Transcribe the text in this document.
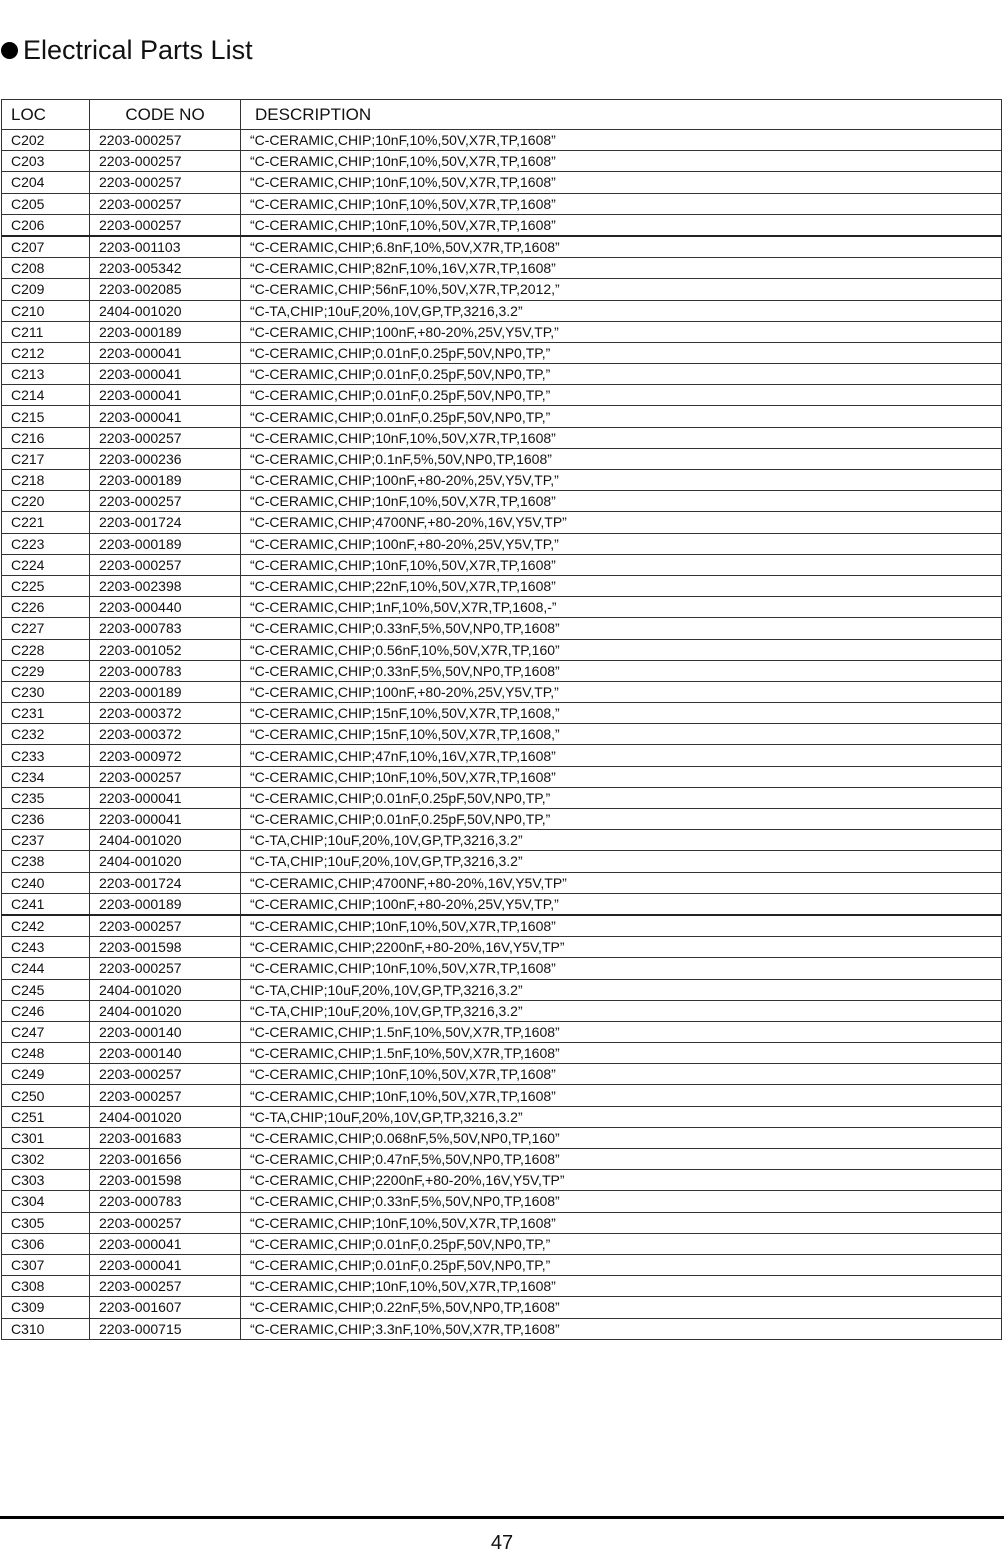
Electrical Parts List
LOC	CODE NO	DESCRIPTION
C202	2203-000257	“C-CERAMIC,CHIP;10nF,10%,50V,X7R,TP,1608”
C203	2203-000257	“C-CERAMIC,CHIP;10nF,10%,50V,X7R,TP,1608”
C204	2203-000257	“C-CERAMIC,CHIP;10nF,10%,50V,X7R,TP,1608”
C205	2203-000257	“C-CERAMIC,CHIP;10nF,10%,50V,X7R,TP,1608”
C206	2203-000257	“C-CERAMIC,CHIP;10nF,10%,50V,X7R,TP,1608”
C207	2203-001103	“C-CERAMIC,CHIP;6.8nF,10%,50V,X7R,TP,1608”
C208	2203-005342	“C-CERAMIC,CHIP;82nF,10%,16V,X7R,TP,1608”
C209	2203-002085	“C-CERAMIC,CHIP;56nF,10%,50V,X7R,TP,2012,”
C210	2404-001020	“C-TA,CHIP;10uF,20%,10V,GP,TP,3216,3.2”
C211	2203-000189	“C-CERAMIC,CHIP;100nF,+80-20%,25V,Y5V,TP,”
C212	2203-000041	“C-CERAMIC,CHIP;0.01nF,0.25pF,50V,NP0,TP,”
C213	2203-000041	“C-CERAMIC,CHIP;0.01nF,0.25pF,50V,NP0,TP,”
C214	2203-000041	“C-CERAMIC,CHIP;0.01nF,0.25pF,50V,NP0,TP,”
C215	2203-000041	“C-CERAMIC,CHIP;0.01nF,0.25pF,50V,NP0,TP,”
C216	2203-000257	“C-CERAMIC,CHIP;10nF,10%,50V,X7R,TP,1608”
C217	2203-000236	“C-CERAMIC,CHIP;0.1nF,5%,50V,NP0,TP,1608”
C218	2203-000189	“C-CERAMIC,CHIP;100nF,+80-20%,25V,Y5V,TP,”
C220	2203-000257	“C-CERAMIC,CHIP;10nF,10%,50V,X7R,TP,1608”
C221	2203-001724	“C-CERAMIC,CHIP;4700NF,+80-20%,16V,Y5V,TP”
C223	2203-000189	“C-CERAMIC,CHIP;100nF,+80-20%,25V,Y5V,TP,”
C224	2203-000257	“C-CERAMIC,CHIP;10nF,10%,50V,X7R,TP,1608”
C225	2203-002398	“C-CERAMIC,CHIP;22nF,10%,50V,X7R,TP,1608”
C226	2203-000440	“C-CERAMIC,CHIP;1nF,10%,50V,X7R,TP,1608,-”
C227	2203-000783	“C-CERAMIC,CHIP;0.33nF,5%,50V,NP0,TP,1608”
C228	2203-001052	“C-CERAMIC,CHIP;0.56nF,10%,50V,X7R,TP,160”
C229	2203-000783	“C-CERAMIC,CHIP;0.33nF,5%,50V,NP0,TP,1608”
C230	2203-000189	“C-CERAMIC,CHIP;100nF,+80-20%,25V,Y5V,TP,”
C231	2203-000372	“C-CERAMIC,CHIP;15nF,10%,50V,X7R,TP,1608,”
C232	2203-000372	“C-CERAMIC,CHIP;15nF,10%,50V,X7R,TP,1608,”
C233	2203-000972	“C-CERAMIC,CHIP;47nF,10%,16V,X7R,TP,1608”
C234	2203-000257	“C-CERAMIC,CHIP;10nF,10%,50V,X7R,TP,1608”
C235	2203-000041	“C-CERAMIC,CHIP;0.01nF,0.25pF,50V,NP0,TP,”
C236	2203-000041	“C-CERAMIC,CHIP;0.01nF,0.25pF,50V,NP0,TP,”
C237	2404-001020	“C-TA,CHIP;10uF,20%,10V,GP,TP,3216,3.2”
C238	2404-001020	“C-TA,CHIP;10uF,20%,10V,GP,TP,3216,3.2”
C240	2203-001724	“C-CERAMIC,CHIP;4700NF,+80-20%,16V,Y5V,TP”
C241	2203-000189	“C-CERAMIC,CHIP;100nF,+80-20%,25V,Y5V,TP,”
C242	2203-000257	“C-CERAMIC,CHIP;10nF,10%,50V,X7R,TP,1608”
C243	2203-001598	“C-CERAMIC,CHIP;2200nF,+80-20%,16V,Y5V,TP”
C244	2203-000257	“C-CERAMIC,CHIP;10nF,10%,50V,X7R,TP,1608”
C245	2404-001020	“C-TA,CHIP;10uF,20%,10V,GP,TP,3216,3.2”
C246	2404-001020	“C-TA,CHIP;10uF,20%,10V,GP,TP,3216,3.2”
C247	2203-000140	“C-CERAMIC,CHIP;1.5nF,10%,50V,X7R,TP,1608”
C248	2203-000140	“C-CERAMIC,CHIP;1.5nF,10%,50V,X7R,TP,1608”
C249	2203-000257	“C-CERAMIC,CHIP;10nF,10%,50V,X7R,TP,1608”
C250	2203-000257	“C-CERAMIC,CHIP;10nF,10%,50V,X7R,TP,1608”
C251	2404-001020	“C-TA,CHIP;10uF,20%,10V,GP,TP,3216,3.2”
C301	2203-001683	“C-CERAMIC,CHIP;0.068nF,5%,50V,NP0,TP,160”
C302	2203-001656	“C-CERAMIC,CHIP;0.47nF,5%,50V,NP0,TP,1608”
C303	2203-001598	“C-CERAMIC,CHIP;2200nF,+80-20%,16V,Y5V,TP”
C304	2203-000783	“C-CERAMIC,CHIP;0.33nF,5%,50V,NP0,TP,1608”
C305	2203-000257	“C-CERAMIC,CHIP;10nF,10%,50V,X7R,TP,1608”
C306	2203-000041	“C-CERAMIC,CHIP;0.01nF,0.25pF,50V,NP0,TP,”
C307	2203-000041	“C-CERAMIC,CHIP;0.01nF,0.25pF,50V,NP0,TP,”
C308	2203-000257	“C-CERAMIC,CHIP;10nF,10%,50V,X7R,TP,1608”
C309	2203-001607	“C-CERAMIC,CHIP;0.22nF,5%,50V,NP0,TP,1608”
C310	2203-000715	“C-CERAMIC,CHIP;3.3nF,10%,50V,X7R,TP,1608”
47
